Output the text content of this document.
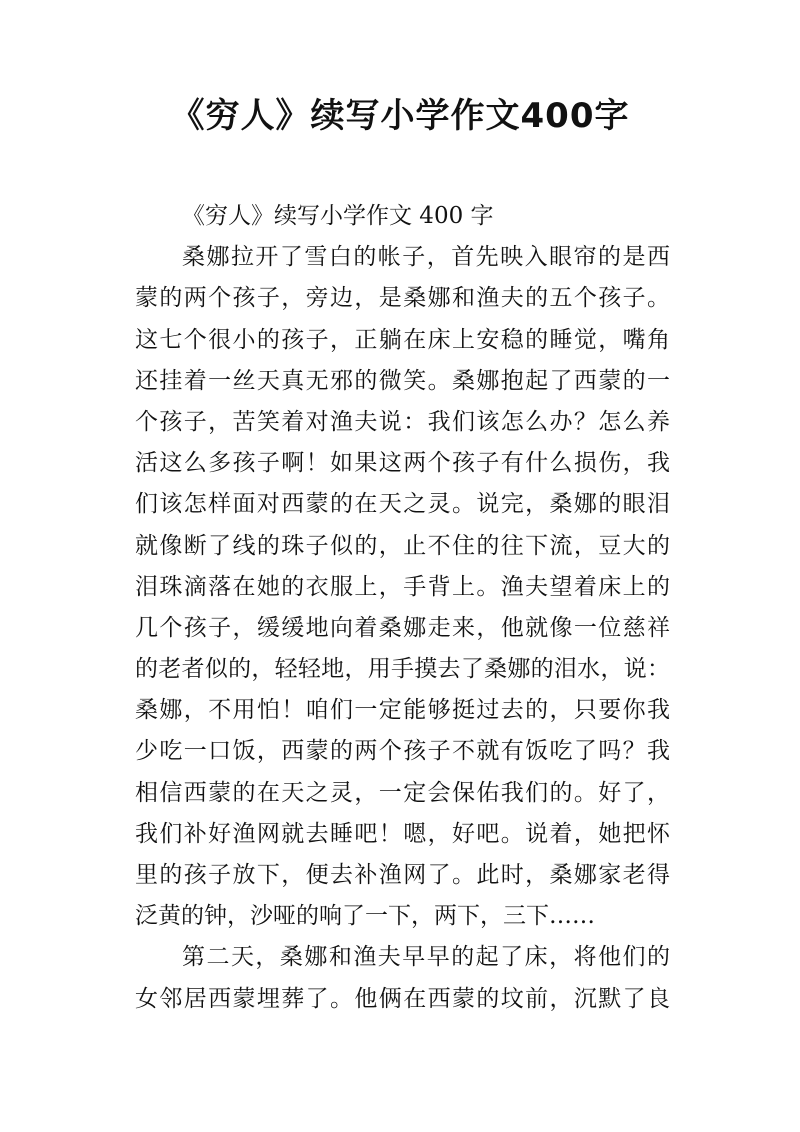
《穷人》续写小学作文400字
《穷人》续写小学作文 400 字
桑娜拉开了雪白的帐子，首先映入眼帘的是西
蒙的两个孩子，旁边，是桑娜和渔夫的五个孩子。
这七个很小的孩子，正躺在床上安稳的睡觉，嘴角
还挂着一丝天真无邪的微笑。桑娜抱起了西蒙的一
个孩子，苦笑着对渔夫说：我们该怎么办？怎么养
活这么多孩子啊！如果这两个孩子有什么损伤，我
们该怎样面对西蒙的在天之灵。说完，桑娜的眼泪
就像断了线的珠子似的，止不住的往下流，豆大的
泪珠滴落在她的衣服上，手背上。渔夫望着床上的
几个孩子，缓缓地向着桑娜走来，他就像一位慈祥
的老者似的，轻轻地，用手摸去了桑娜的泪水，说：
桑娜，不用怕！咱们一定能够挺过去的，只要你我
少吃一口饭，西蒙的两个孩子不就有饭吃了吗？我
相信西蒙的在天之灵，一定会保佑我们的。好了，
我们补好渔网就去睡吧！嗯，好吧。说着，她把怀
里的孩子放下，便去补渔网了。此时，桑娜家老得
泛黄的钟，沙哑的响了一下，两下，三下……
第二天，桑娜和渔夫早早的起了床，将他们的
女邻居西蒙埋葬了。他俩在西蒙的坟前，沉默了良
